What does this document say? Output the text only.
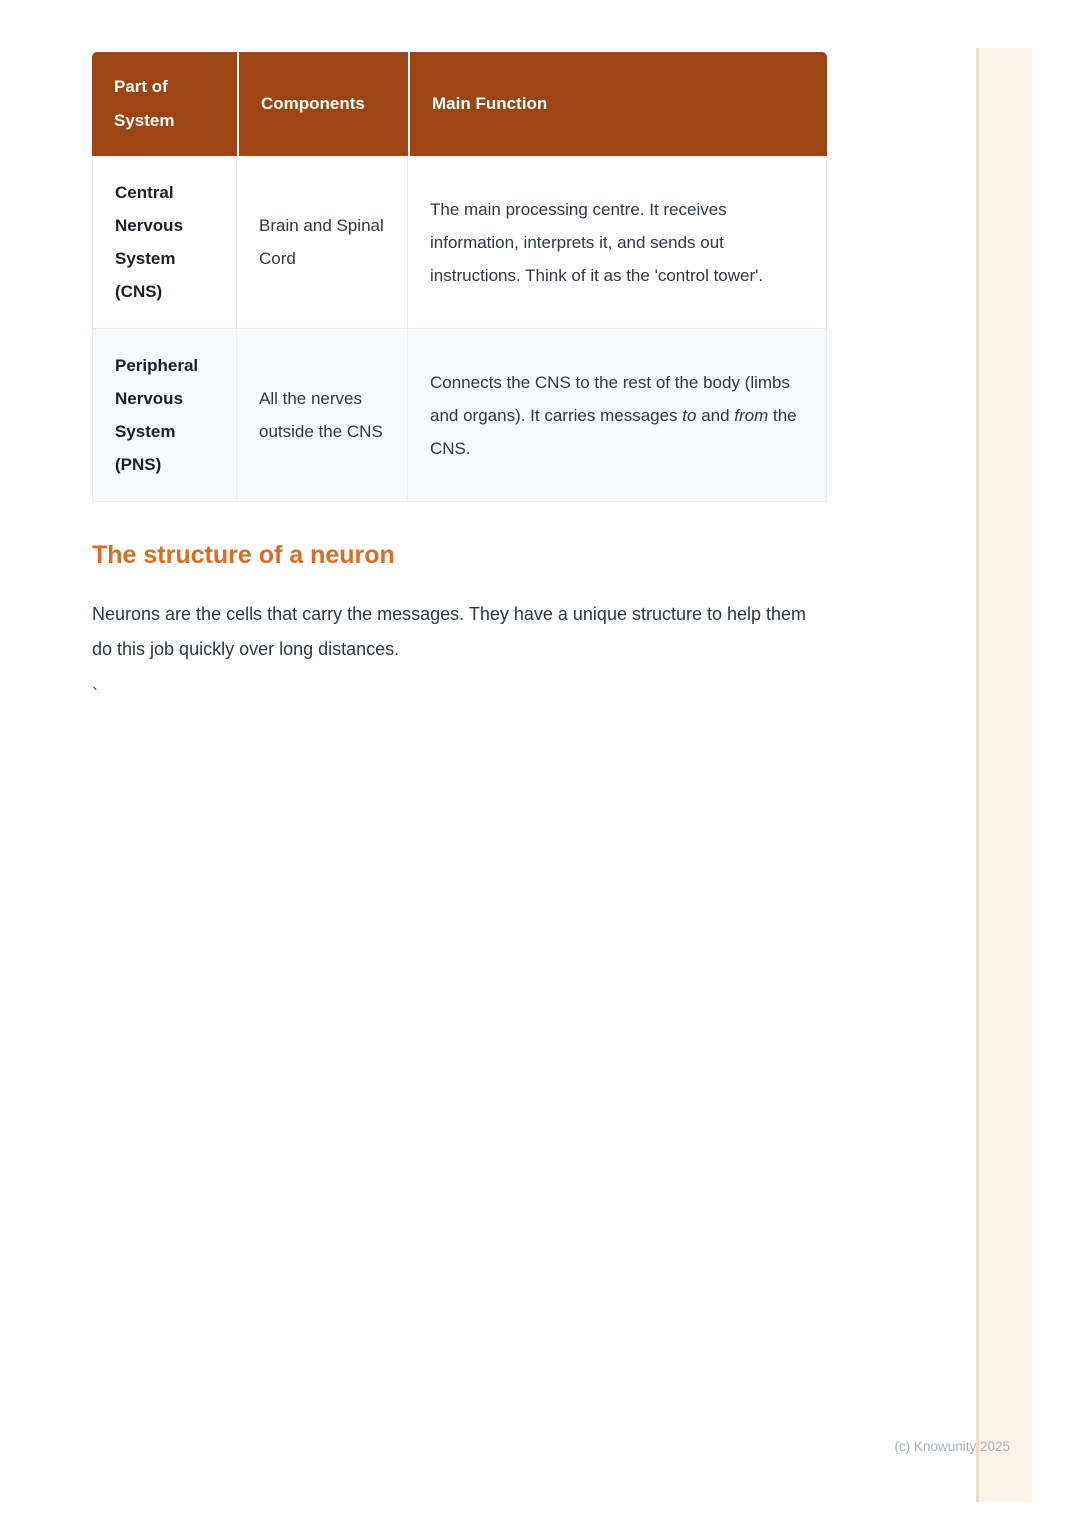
Part of System	Components	Main Function
Central Nervous System (CNS)	Brain and Spinal Cord	The main processing centre. It receives information, interprets it, and sends out instructions. Think of it as the 'control tower'.
Peripheral Nervous System (PNS)	All the nerves outside the CNS	Connects the CNS to the rest of the body (limbs and organs). It carries messages to and from the CNS.
The structure of a neuron

Neurons are the cells that carry the messages. They have a unique structure to help them do this job quickly over long distances.

`
(c) Knowunity 2025
